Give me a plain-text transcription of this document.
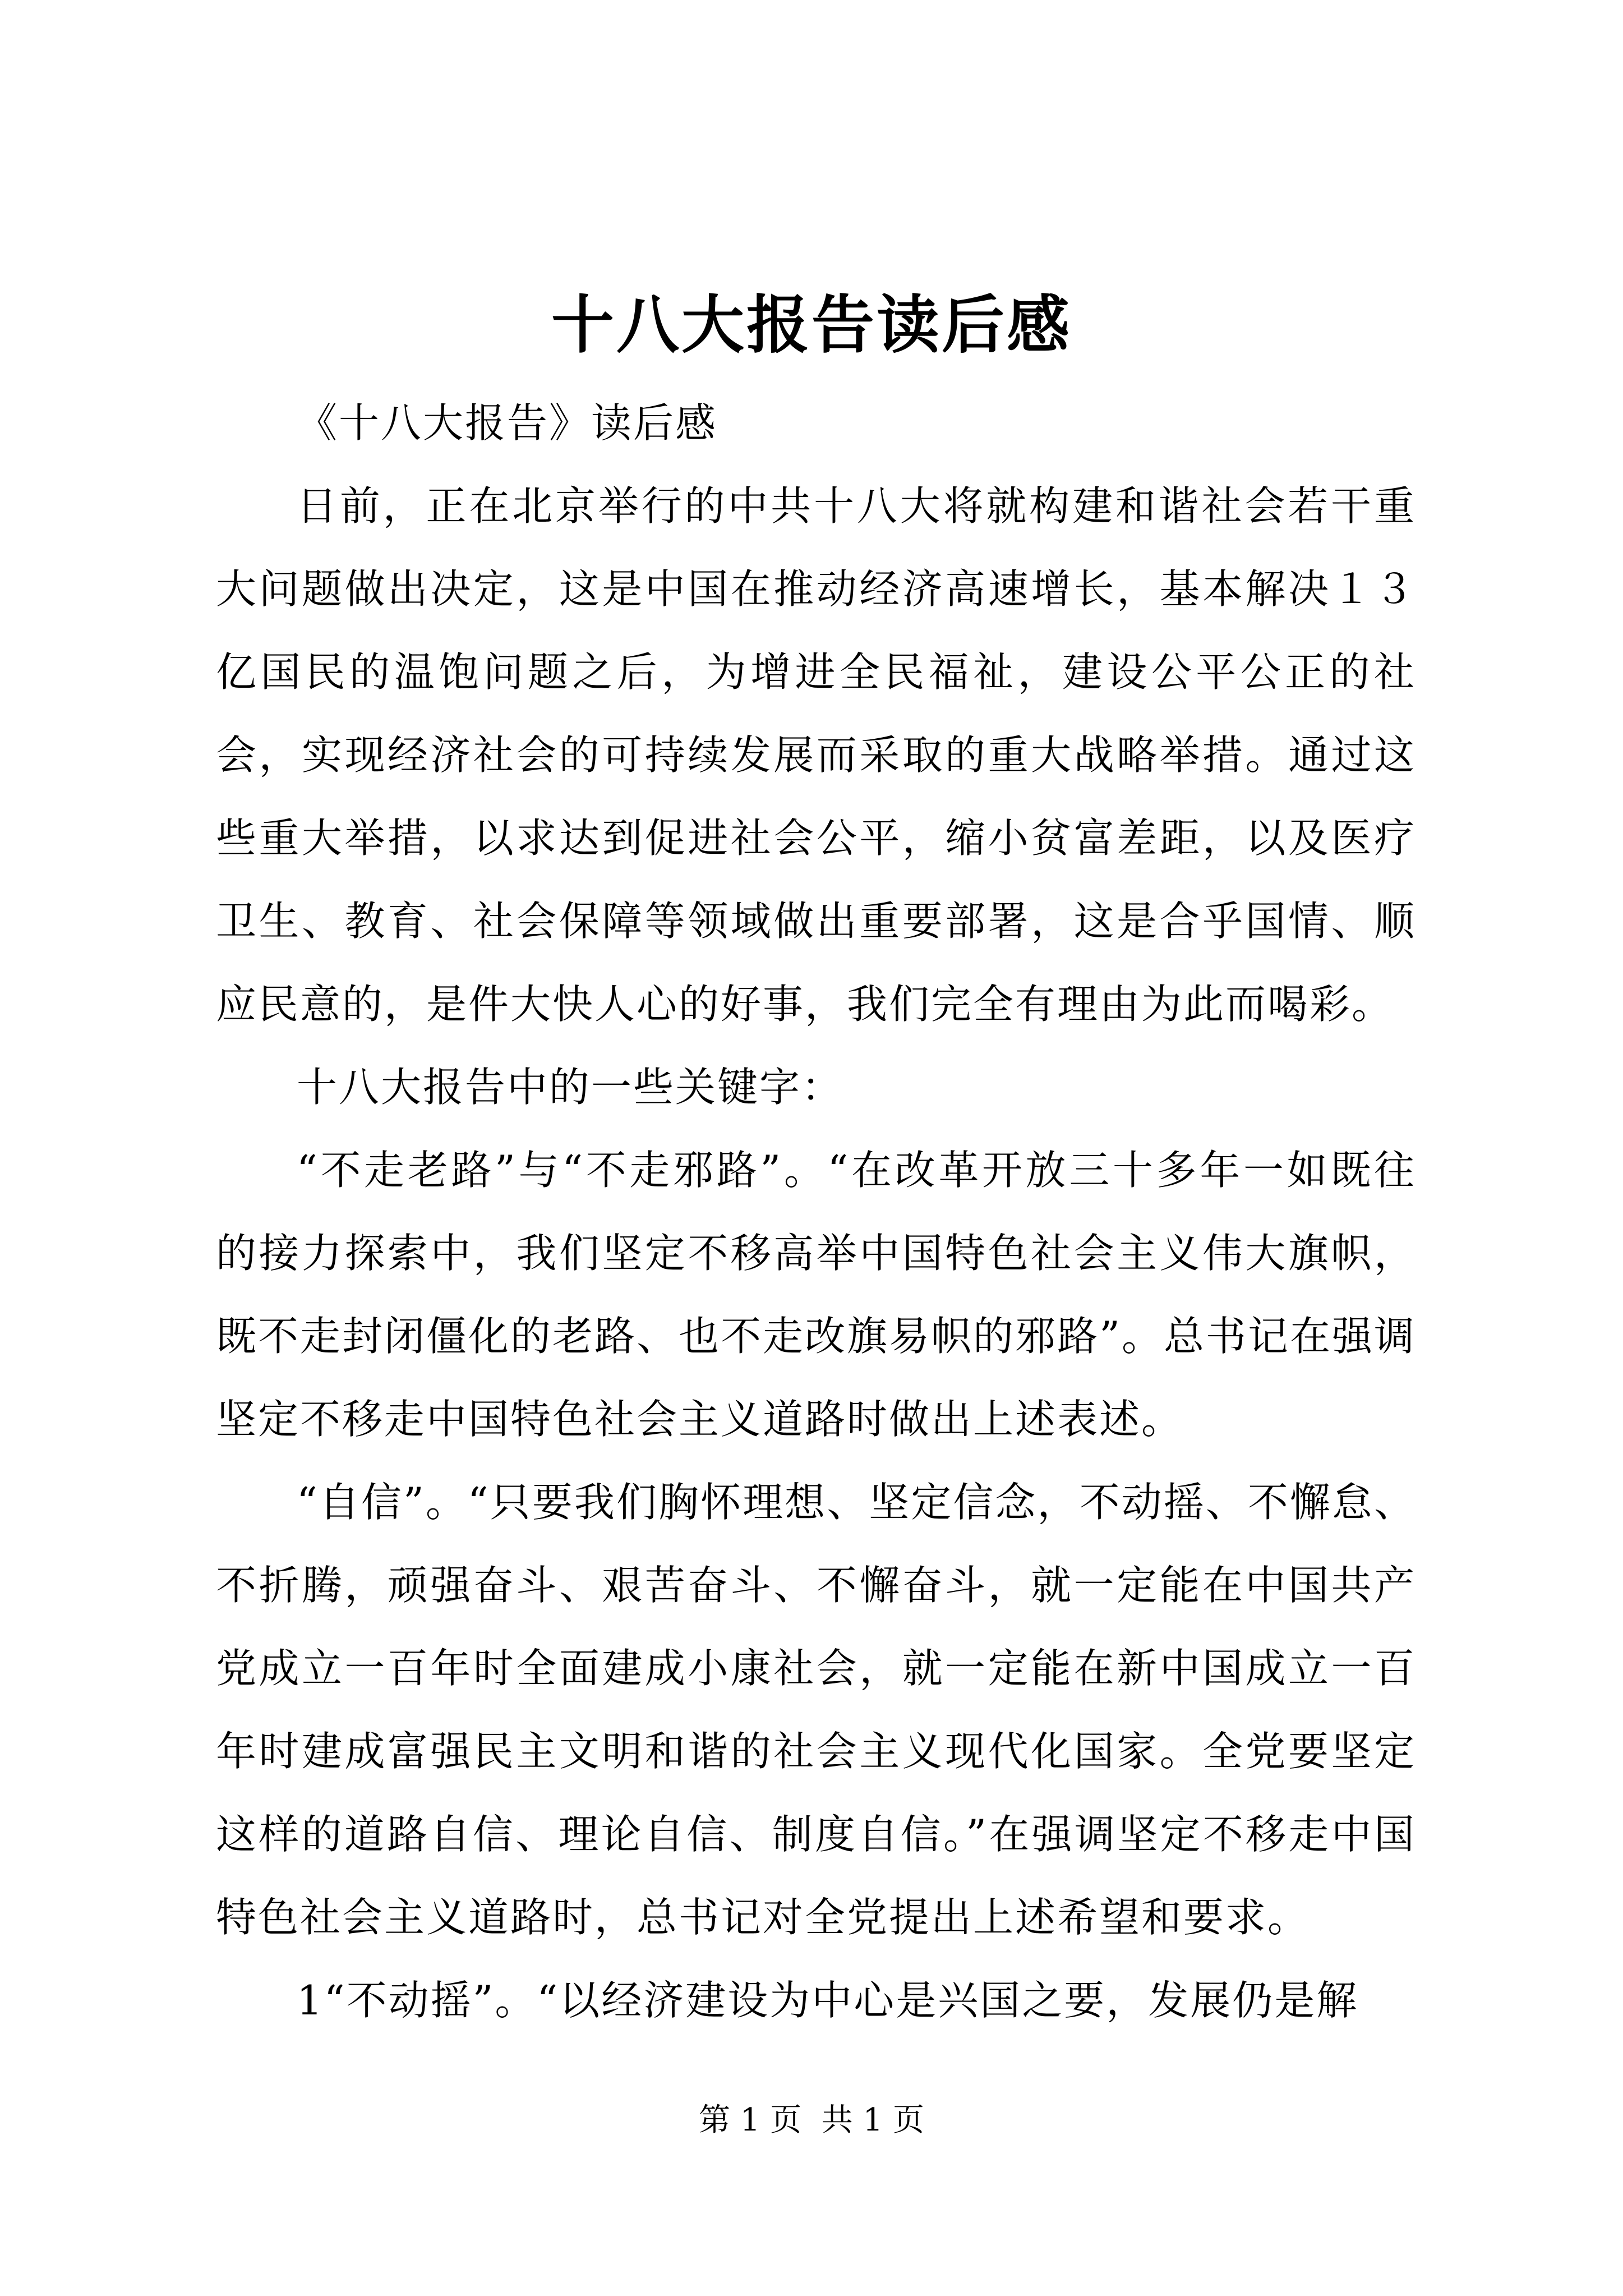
十八大报告读后感

《十八大报告》读后感

日前，正在北京举行的中共十八大将就构建和谐社会若干重大问题做出决定，这是中国在推动经济高速增长，基本解决１３亿国民的温饱问题之后，为增进全民福祉，建设公平公正的社会，实现经济社会的可持续发展而采取的重大战略举措。通过这些重大举措，以求达到促进社会公平，缩小贫富差距，以及医疗卫生、教育、社会保障等领域做出重要部署，这是合乎国情、顺应民意的，是件大快人心的好事，我们完全有理由为此而喝彩。

十八大报告中的一些关键字：

“不走老路”与“不走邪路”。“在改革开放三十多年一如既往的接力探索中，我们坚定不移高举中国特色社会主义伟大旗帜，既不走封闭僵化的老路、也不走改旗易帜的邪路”。总书记在强调坚定不移走中国特色社会主义道路时做出上述表述。

“自信”。“只要我们胸怀理想、坚定信念，不动摇、不懈怠、不折腾，顽强奋斗、艰苦奋斗、不懈奋斗，就一定能在中国共产党成立一百年时全面建成小康社会，就一定能在新中国成立一百年时建成富强民主文明和谐的社会主义现代化国家。全党要坚定这样的道路自信、理论自信、制度自信。”在强调坚定不移走中国特色社会主义道路时，总书记对全党提出上述希望和要求。

1“不动摇”。“以经济建设为中心是兴国之要，发展仍是解

第 1 页  共 1 页
